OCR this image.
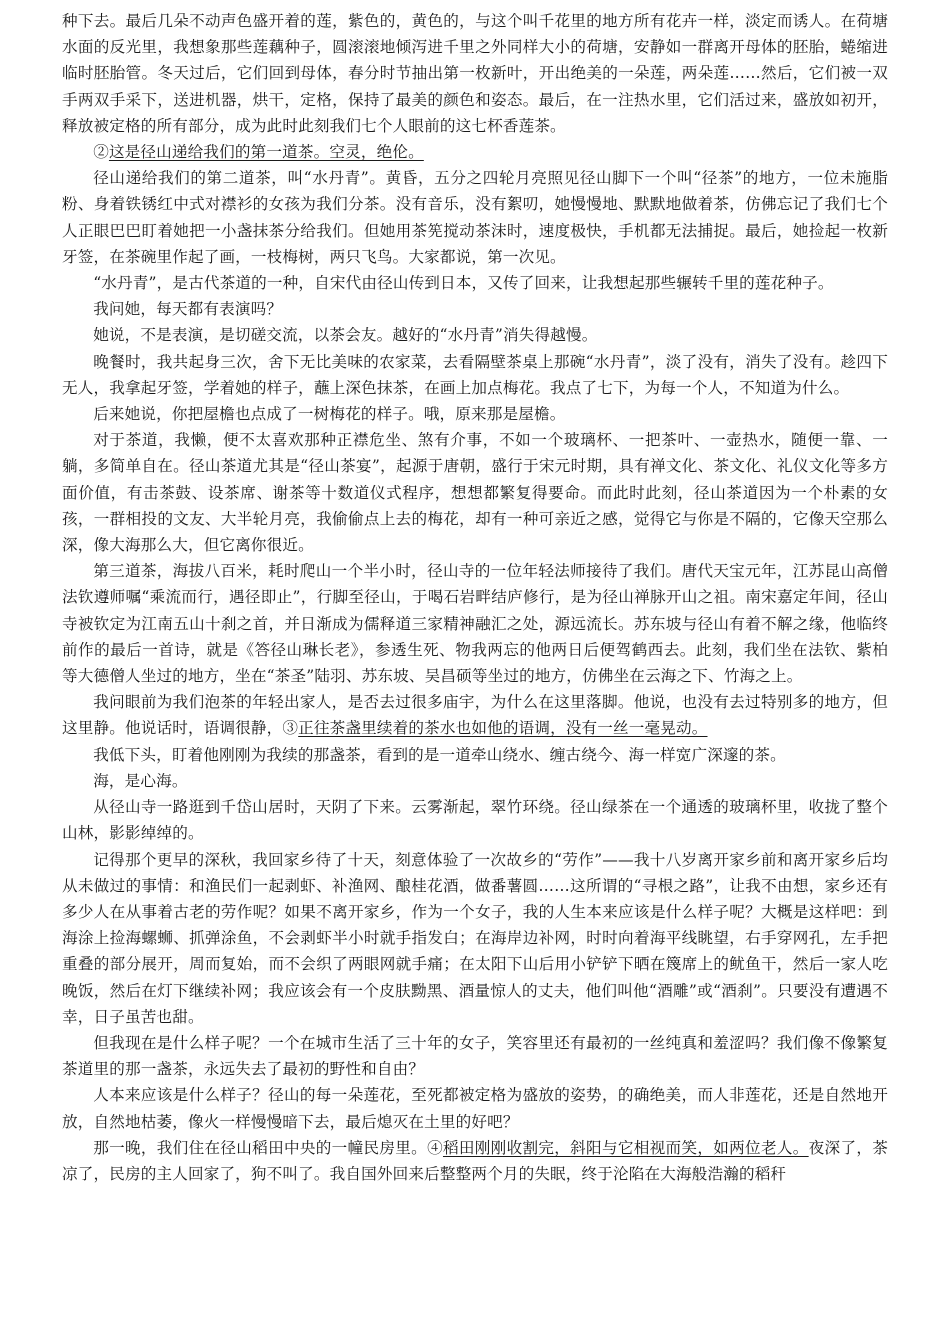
种下去。最后几朵不动声色盛开着的莲，紫色的，黄色的，与这个叫千花里的地方所有花卉一样，淡定而诱人。在荷塘水面的反光里，我想象那些莲藕种子，圆滚滚地倾泻进千里之外同样大小的荷塘，安静如一群离开母体的胚胎，蜷缩进临时胚胎管。冬天过后，它们回到母体，春分时节抽出第一枚新叶，开出绝美的一朵莲，两朵莲……然后，它们被一双手两双手采下，送进机器，烘干，定格，保持了最美的颜色和姿态。最后，在一注热水里，它们活过来，盛放如初开，释放被定格的所有部分，成为此时此刻我们七个人眼前的这七杯香莲茶。

②这是径山递给我们的第一道茶。空灵，绝伦。

径山递给我们的第二道茶，叫“水丹青”。黄昏，五分之四轮月亮照见径山脚下一个叫“径茶”的地方，一位未施脂粉、身着铁锈红中式对襟衫的女孩为我们分茶。没有音乐，没有絮叨，她慢慢地、默默地做着茶，仿佛忘记了我们七个人正眼巴巴盯着她把一小盏抹茶分给我们。但她用茶筅搅动茶沫时，速度极快，手机都无法捕捉。最后，她捡起一枚新牙签，在茶碗里作起了画，一枝梅树，两只飞鸟。大家都说，第一次见。

“水丹青”，是古代茶道的一种，自宋代由径山传到日本，又传了回来，让我想起那些辗转千里的莲花种子。

我问她，每天都有表演吗？

她说，不是表演，是切磋交流，以茶会友。越好的“水丹青”消失得越慢。

晚餐时，我共起身三次，舍下无比美味的农家菜，去看隔壁茶桌上那碗“水丹青”，淡了没有，消失了没有。趁四下无人，我拿起牙签，学着她的样子，蘸上深色抹茶，在画上加点梅花。我点了七下，为每一个人，不知道为什么。

后来她说，你把屋檐也点成了一树梅花的样子。哦，原来那是屋檐。

对于茶道，我懒，便不太喜欢那种正襟危坐、煞有介事，不如一个玻璃杯、一把茶叶、一壶热水，随便一靠、一躺，多简单自在。径山茶道尤其是“径山茶宴”，起源于唐朝，盛行于宋元时期，具有禅文化、茶文化、礼仪文化等多方面价值，有击茶鼓、设茶席、谢茶等十数道仪式程序，想想都繁复得要命。而此时此刻，径山茶道因为一个朴素的女孩，一群相投的文友、大半轮月亮，我偷偷点上去的梅花，却有一种可亲近之感，觉得它与你是不隔的，它像天空那么深，像大海那么大，但它离你很近。

第三道茶，海拔八百米，耗时爬山一个半小时，径山寺的一位年轻法师接待了我们。唐代天宝元年，江苏昆山高僧法钦遵师嘱“乘流而行，遇径即止”，行脚至径山，于喝石岩畔结庐修行，是为径山禅脉开山之祖。南宋嘉定年间，径山寺被钦定为江南五山十刹之首，并日渐成为儒释道三家精神融汇之处，源远流长。苏东坡与径山有着不解之缘，他临终前作的最后一首诗，就是《答径山琳长老》，参透生死、物我两忘的他两日后便驾鹤西去。此刻，我们坐在法钦、紫柏等大德僧人坐过的地方，坐在“茶圣”陆羽、苏东坡、吴昌硕等坐过的地方，仿佛坐在云海之下、竹海之上。

我问眼前为我们泡茶的年轻出家人，是否去过很多庙宇，为什么在这里落脚。他说，也没有去过特别多的地方，但这里静。他说话时，语调很静，③正往茶盏里续着的茶水也如他的语调，没有一丝一毫晃动。

我低下头，盯着他刚刚为我续的那盏茶，看到的是一道牵山绕水、缠古绕今、海一样宽广深邃的茶。

海，是心海。

从径山寺一路逛到千岱山居时，天阴了下来。云雾渐起，翠竹环绕。径山绿茶在一个通透的玻璃杯里，收拢了整个山林，影影绰绰的。

记得那个更早的深秋，我回家乡待了十天，刻意体验了一次故乡的“劳作”——我十八岁离开家乡前和离开家乡后均从未做过的事情：和渔民们一起剥虾、补渔网、酿桂花酒，做番薯圆……这所谓的“寻根之路”，让我不由想，家乡还有多少人在从事着古老的劳作呢？如果不离开家乡，作为一个女子，我的人生本来应该是什么样子呢？大概是这样吧：到海涂上捡海螺蛳、抓弹涂鱼，不会剥虾半小时就手指发白；在海岸边补网，时时向着海平线眺望，右手穿网孔，左手把重叠的部分展开，周而复始，而不会织了两眼网就手痛；在太阳下山后用小铲铲下晒在篾席上的鱿鱼干，然后一家人吃晚饭，然后在灯下继续补网；我应该会有一个皮肤黝黑、酒量惊人的丈夫，他们叫他“酒雕”或“酒刹”。只要没有遭遇不幸，日子虽苦也甜。

但我现在是什么样子呢？一个在城市生活了三十年的女子，笑容里还有最初的一丝纯真和羞涩吗？我们像不像繁复茶道里的那一盏茶，永远失去了最初的野性和自由？

人本来应该是什么样子？径山的每一朵莲花，至死都被定格为盛放的姿势，的确绝美，而人非莲花，还是自然地开放，自然地枯萎，像火一样慢慢暗下去，最后熄灭在土里的好吧？

那一晚，我们住在径山稻田中央的一幢民房里。④稻田刚刚收割完，斜阳与它相视而笑，如两位老人。夜深了，茶凉了，民房的主人回家了，狗不叫了。我自国外回来后整整两个月的失眠，终于沦陷在大海般浩瀚的稻秆
